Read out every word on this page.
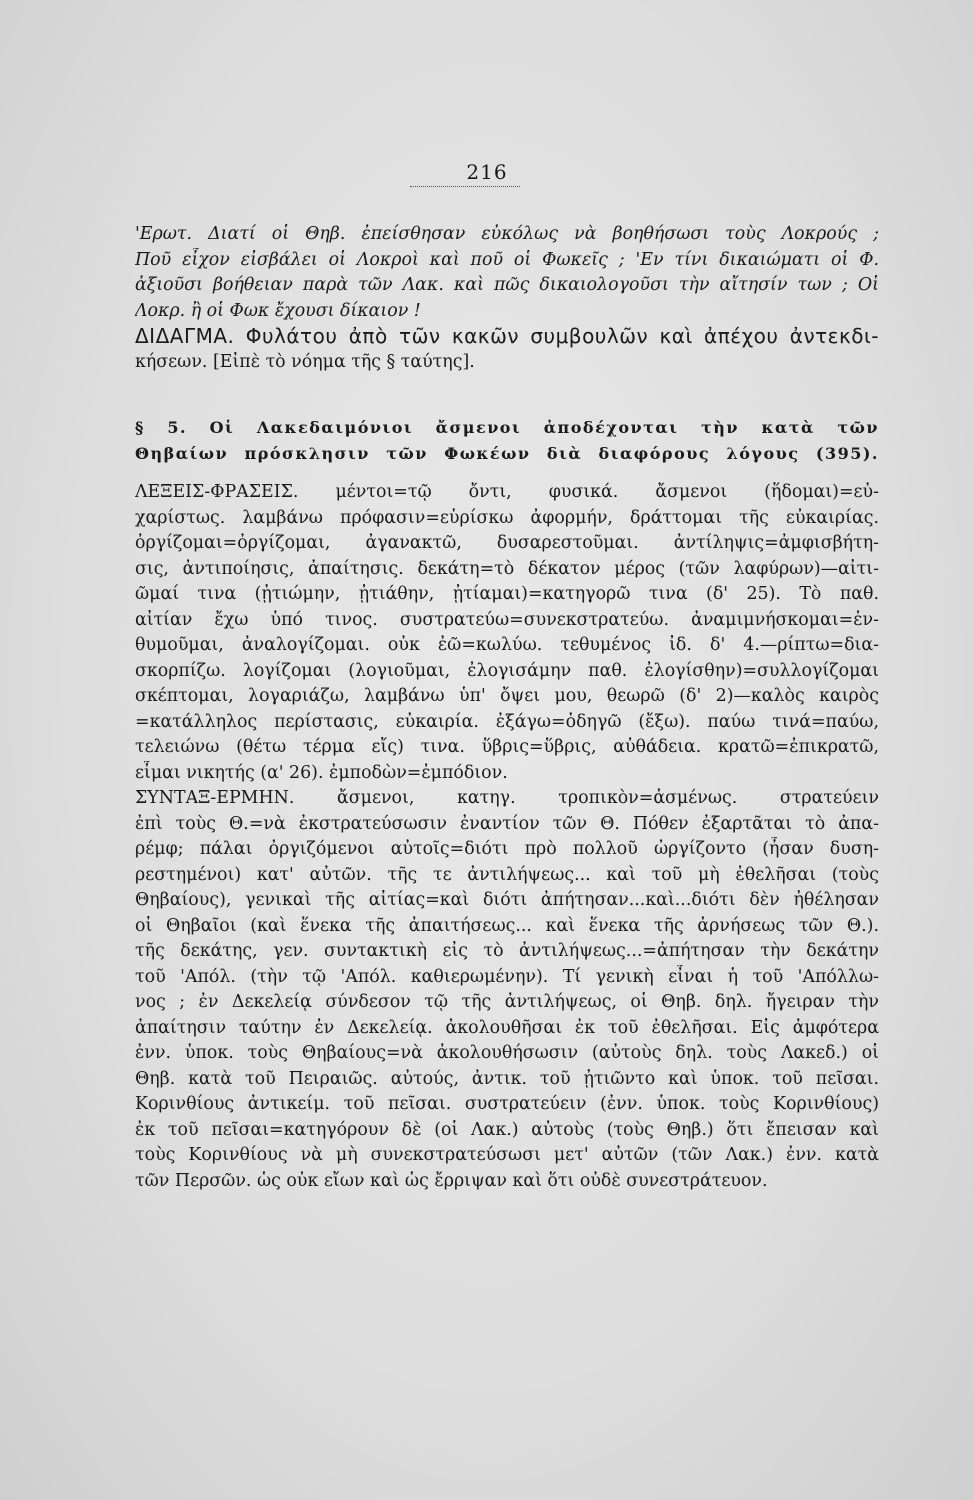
216
'Ερωτ. Διατί οἱ Θηβ. ἐπείσθησαν εὐκόλως νὰ βοηθήσωσι τοὺς Λοκρούς ;
Ποῦ εἶχον εἰσβάλει οἱ Λοκροὶ καὶ ποῦ οἱ Φωκεῖς ; 'Εν τίνι δικαιώματι οἱ Φ.
ἀξιοῦσι βοήθειαν παρὰ τῶν Λακ. καὶ πῶς δικαιολογοῦσι τὴν αἴτησίν των ; Οἱ
Λοκρ. ἢ οἱ Φωκ ἔχουσι δίκαιον !
ΔΙΔΑΓΜΑ. Φυλάτου ἀπὸ τῶν κακῶν συμβουλῶν καὶ ἀπέχου ἀντεκδι-
κήσεων. [Εἰπὲ τὸ νόημα τῆς § ταύτης].
§ 5. Οἱ Λακεδαιμόνιοι ἄσμενοι ἀποδέχονται τὴν κατὰ τῶν
Θηβαίων πρόσκλησιν τῶν Φωκέων διὰ διαφόρους λόγους (395).
ΛΕΞΕΙΣ-ΦΡΑΣΕΙΣ. μέντοι=τῷ ὄντι, φυσικά. ἄσμενοι (ἥδομαι)=εὐ-
χαρίστως. λαμβάνω πρόφασιν=εὑρίσκω ἀφορμήν, δράττομαι τῆς εὐκαιρίας.
ὀργίζομαι=ὀργίζομαι, ἀγανακτῶ, δυσαρεστοῦμαι. ἀντίληψις=ἀμφισβήτη-
σις, ἀντιποίησις, ἀπαίτησις. δεκάτη=τὸ δέκατον μέρος (τῶν λαφύρων)—αἰτι-
ῶμαί τινα (ᾐτιώμην, ᾐτιάθην, ᾐτίαμαι)=κατηγορῶ τινα (δ' 25). Τὸ παθ.
αἰτίαν ἔχω ὑπό τινος. συστρατεύω=συνεκστρατεύω. ἀναμιμνήσκομαι=ἐν-
θυμοῦμαι, ἀναλογίζομαι. οὐκ ἐῶ=κωλύω. τεθυμένος ἰδ. δ' 4.—ρίπτω=δια-
σκορπίζω. λογίζομαι (λογιοῦμαι, ἐλογισάμην παθ. ἐλογίσθην)=συλλογίζομαι
σκέπτομαι, λογαριάζω, λαμβάνω ὑπ' ὄψει μου, θεωρῶ (δ' 2)—καλὸς καιρὸς
=κατάλληλος περίστασις, εὐκαιρία. ἐξάγω=ὁδηγῶ (ἔξω). παύω τινά=παύω,
τελειώνω (θέτω τέρμα εἴς) τινα. ὕβρις=ὕβρις, αὐθάδεια. κρατῶ=ἐπικρατῶ,
εἶμαι νικητής (α' 26). ἐμποδὼν=ἐμπόδιον.
ΣΥΝΤΑΞ-ΕΡΜΗΝ. ἄσμενοι, κατηγ. τροπικὸν=ἀσμένως. στρατεύειν
ἐπὶ τοὺς Θ.=νὰ ἐκστρατεύσωσιν ἐναντίον τῶν Θ. Πόθεν ἐξαρτᾶται τὸ ἀπα-
ρέμφ; πάλαι ὀργιζόμενοι αὐτοῖς=διότι πρὸ πολλοῦ ὠργίζοντο (ἦσαν δυση-
ρεστημένοι) κατ' αὐτῶν. τῆς τε ἀντιλήψεως... καὶ τοῦ μὴ ἐθελῆσαι (τοὺς
Θηβαίους), γενικαὶ τῆς αἰτίας=καὶ διότι ἀπήτησαν...καὶ...διότι δὲν ἠθέλησαν
οἱ Θηβαῖοι (καὶ ἕνεκα τῆς ἀπαιτήσεως... καὶ ἕνεκα τῆς ἀρνήσεως τῶν Θ.).
τῆς δεκάτης, γεν. συντακτικὴ εἰς τὸ ἀντιλήψεως...=ἀπήτησαν τὴν δεκάτην
τοῦ 'Απόλ. (τὴν τῷ 'Απόλ. καθιερωμένην). Τί γενικὴ εἶναι ἡ τοῦ 'Απόλλω-
νος ; ἐν Δεκελείᾳ σύνδεσον τῷ τῆς ἀντιλήψεως, οἱ Θηβ. δηλ. ἤγειραν τὴν
ἀπαίτησιν ταύτην ἐν Δεκελείᾳ. ἀκολουθῆσαι ἐκ τοῦ ἐθελῆσαι. Εἰς ἀμφότερα
ἐνν. ὑποκ. τοὺς Θηβαίους=νὰ ἀκολουθήσωσιν (αὐτοὺς δηλ. τοὺς Λακεδ.) οἱ
Θηβ. κατὰ τοῦ Πειραιῶς. αὐτούς, ἀντικ. τοῦ ᾐτιῶντο καὶ ὑποκ. τοῦ πεῖσαι.
Κορινθίους ἀντικείμ. τοῦ πεῖσαι. συστρατεύειν (ἐνν. ὑποκ. τοὺς Κορινθίους)
ἐκ τοῦ πεῖσαι=κατηγόρουν δὲ (οἱ Λακ.) αὐτοὺς (τοὺς Θηβ.) ὅτι ἔπεισαν καὶ
τοὺς Κορινθίους νὰ μὴ συνεκστρατεύσωσι μετ' αὐτῶν (τῶν Λακ.) ἐνν. κατὰ
τῶν Περσῶν. ὡς οὐκ εἴων καὶ ὡς ἔρριψαν καὶ ὅτι οὐδὲ συνεστράτευον.
